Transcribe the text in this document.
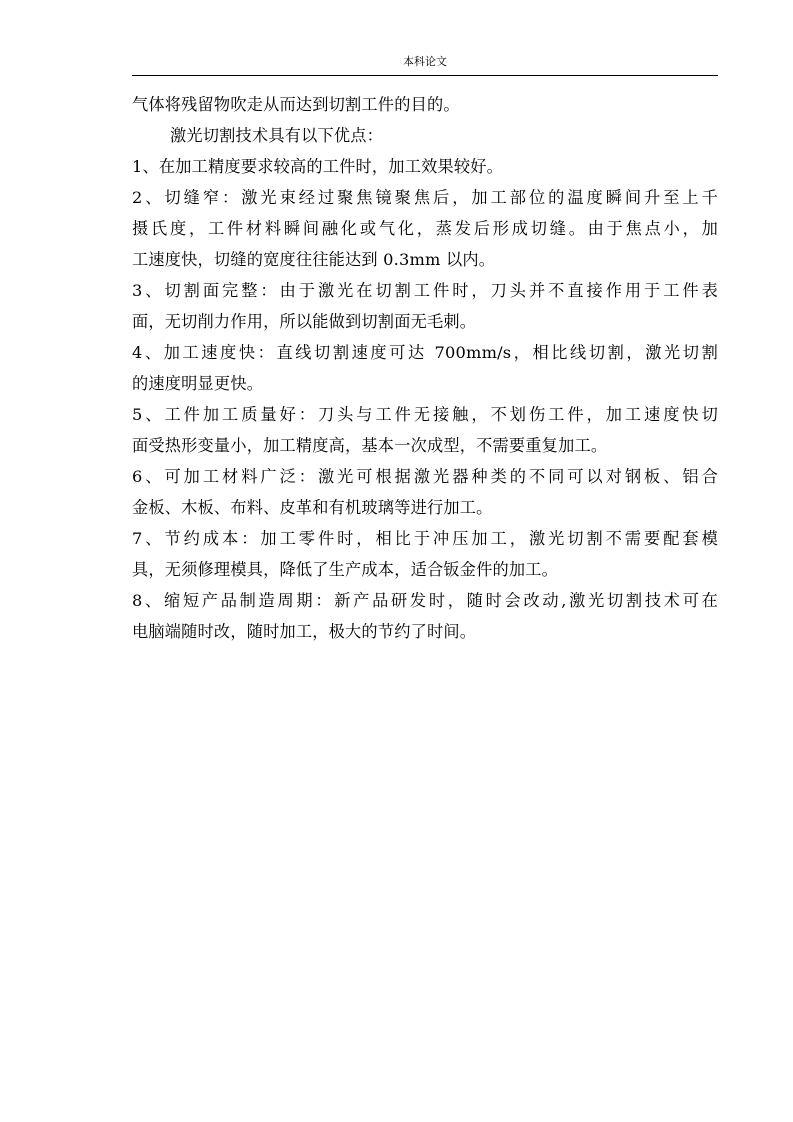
本科论文
气体将残留物吹走从而达到切割工件的目的。
激光切割技术具有以下优点：
1、在加工精度要求较高的工件时，加工效果较好。
2、切缝窄：激光束经过聚焦镜聚焦后，加工部位的温度瞬间升至上千
摄氏度，工件材料瞬间融化或气化，蒸发后形成切缝。由于焦点小，加
工速度快，切缝的宽度往往能达到 0.3mm 以内。
3、切割面完整：由于激光在切割工件时，刀头并不直接作用于工件表
面，无切削力作用，所以能做到切割面无毛刺。
4、加工速度快：直线切割速度可达 700mm/s，相比线切割，激光切割
的速度明显更快。
5、工件加工质量好：刀头与工件无接触，不划伤工件，加工速度快切
面受热形变量小，加工精度高，基本一次成型，不需要重复加工。
6、可加工材料广泛：激光可根据激光器种类的不同可以对钢板、铝合
金板、木板、布料、皮革和有机玻璃等进行加工。
7、节约成本：加工零件时，相比于冲压加工，激光切割不需要配套模
具，无须修理模具，降低了生产成本，适合钣金件的加工。
8、缩短产品制造周期：新产品研发时，随时会改动,激光切割技术可在
电脑端随时改，随时加工，极大的节约了时间。
